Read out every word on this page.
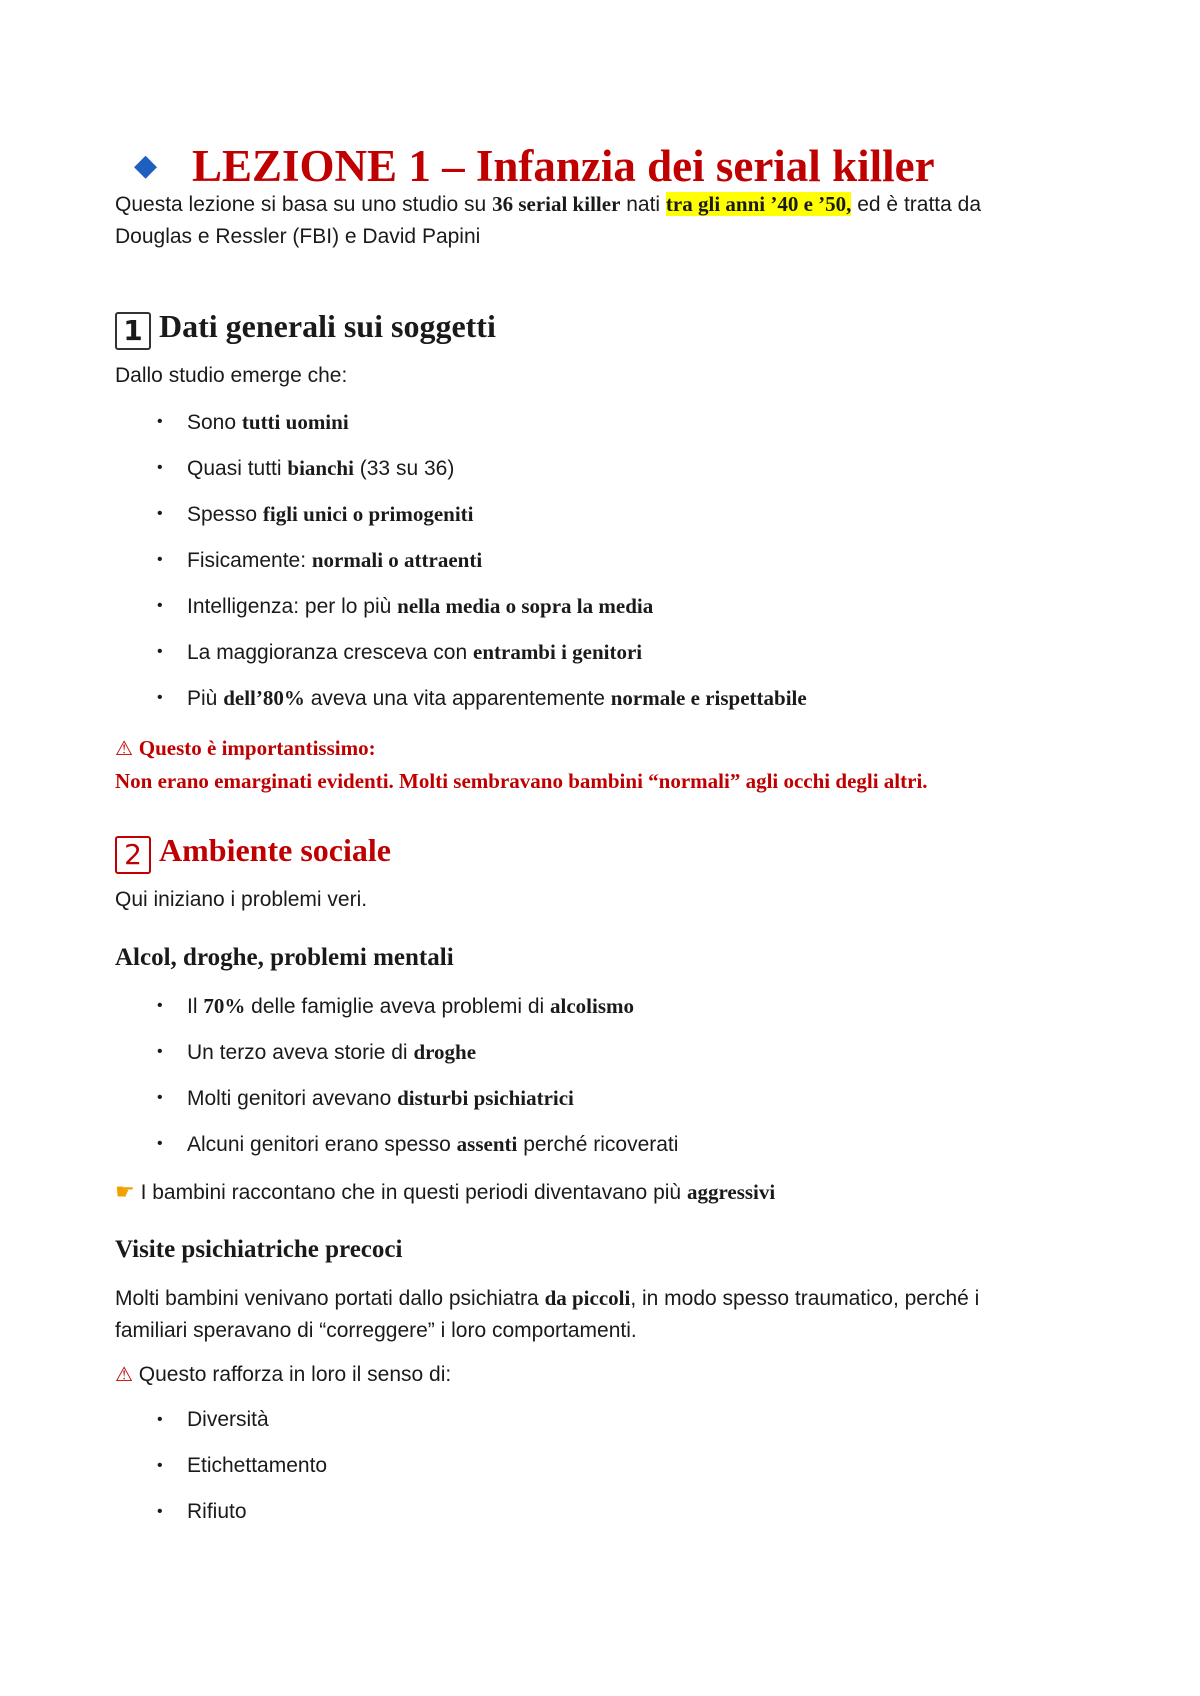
◆ LEZIONE 1 – Infanzia dei serial killer

Questa lezione si basa su uno studio su 36 serial killer nati tra gli anni ’40 e ’50, ed è tratta da
Douglas e Ressler (FBI) e David Papini

1 Dati generali sui soggetti

Dallo studio emerge che:

• Sono tutti uomini
• Quasi tutti bianchi (33 su 36)
• Spesso figli unici o primogeniti
• Fisicamente: normali o attraenti
• Intelligenza: per lo più nella media o sopra la media
• La maggioranza cresceva con entrambi i genitori
• Più dell’80% aveva una vita apparentemente normale e rispettabile

⚠ Questo è importantissimo:
Non erano emarginati evidenti. Molti sembravano bambini “normali” agli occhi degli altri.

2 Ambiente sociale

Qui iniziano i problemi veri.

Alcol, droghe, problemi mentali
• Il 70% delle famiglie aveva problemi di alcolismo
• Un terzo aveva storie di droghe
• Molti genitori avevano disturbi psichiatrici
• Alcuni genitori erano spesso assenti perché ricoverati

☛ I bambini raccontano che in questi periodi diventavano più aggressivi

Visite psichiatriche precoci

Molti bambini venivano portati dallo psichiatra da piccoli, in modo spesso traumatico, perché i
familiari speravano di “correggere” i loro comportamenti.

⚠ Questo rafforza in loro il senso di:

• Diversità
• Etichettamento
• Rifiuto
